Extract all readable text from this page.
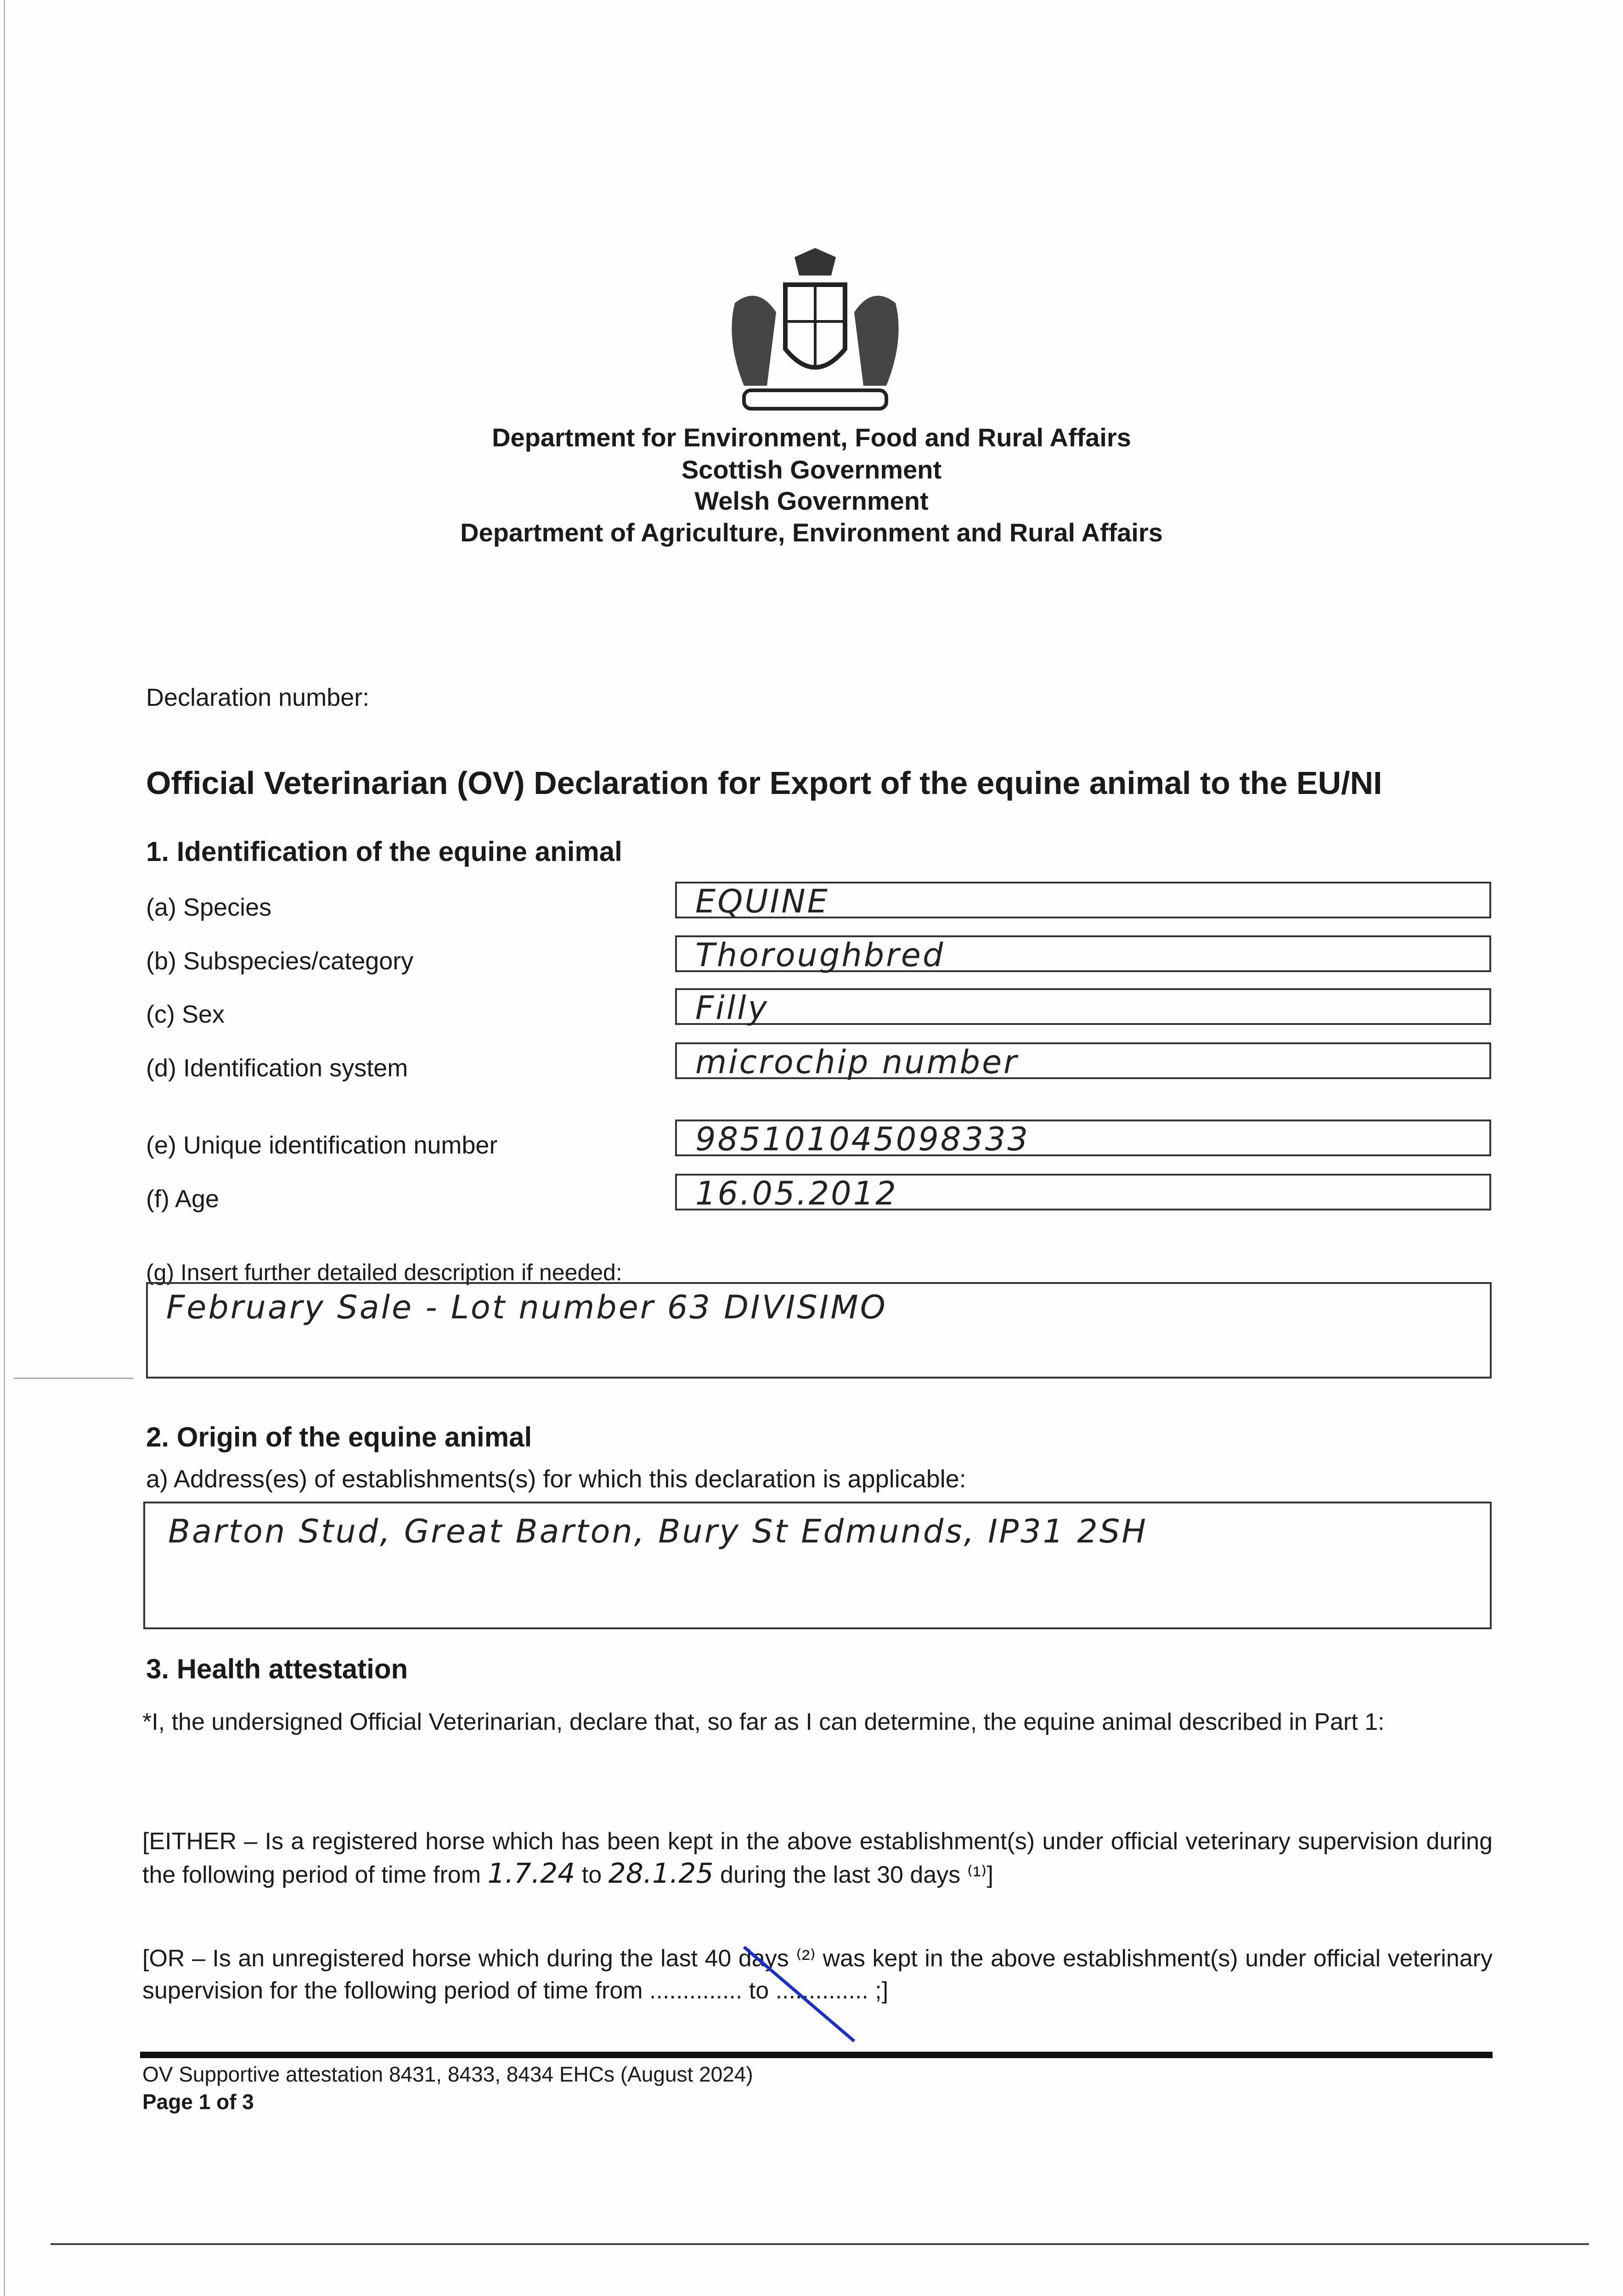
Department for Environment, Food and Rural Affairs
Scottish Government
Welsh Government
Department of Agriculture, Environment and Rural Affairs
Declaration number:
Official Veterinarian (OV) Declaration for Export of the equine animal to the EU/NI
1. Identification of the equine animal
(a) Species	EQUINE
(b) Subspecies/category	Thoroughbred
(c) Sex	Filly
(d) Identification system	microchip number
(e) Unique identification number	985101045098333
(f) Age	16.05.2012
(g) Insert further detailed description if needed:
February Sale - Lot number 63 DIVISIMO
2. Origin of the equine animal
a) Address(es) of establishments(s) for which this declaration is applicable:
Barton Stud, Great Barton, Bury St Edmunds, IP31 2SH
3. Health attestation
*I, the undersigned Official Veterinarian, declare that, so far as I can determine, the equine animal described in Part 1:
[EITHER – Is a registered horse which has been kept in the above establishment(s) under official veterinary supervision during the following period of time from 1.7.24 to 28.1.25 during the last 30 days ⁽¹⁾]
[OR – Is an unregistered horse which during the last 40 days ⁽²⁾ was kept in the above establishment(s) under official veterinary supervision for the following period of time from .............. to .............. ;]
OV Supportive attestation 8431, 8433, 8434 EHCs (August 2024)
Page 1 of 3
